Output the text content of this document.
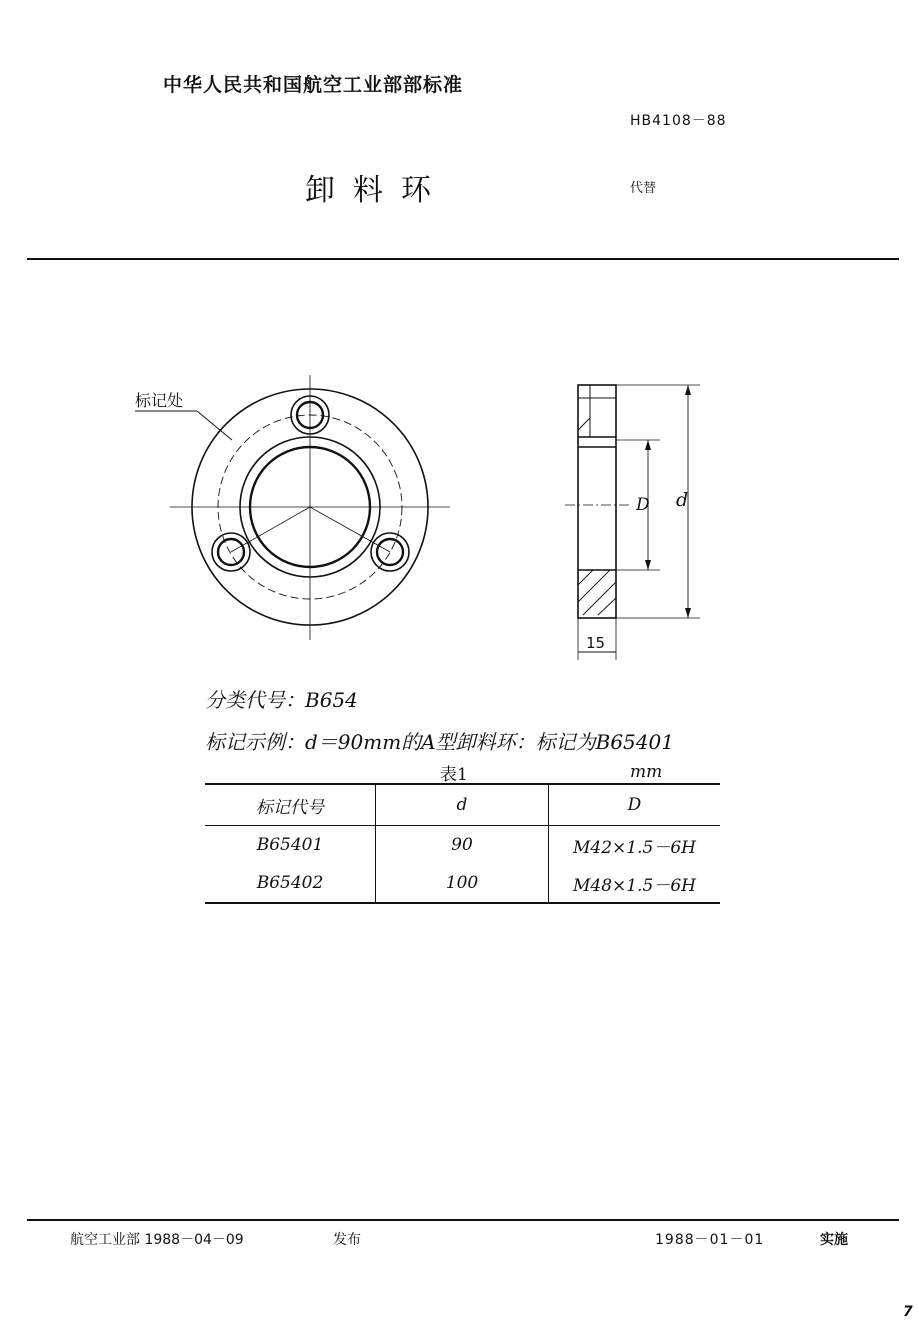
中华人民共和国航空工业部部标准
HB4108－88
卸料环	代替
标记处
D d
15
分类代号：B654
标记示例：d＝90mm的A型卸料环：标记为B65401
表1	mm
标记代号	d	D
B65401	90	M42×1.5－6H
B65402	100	M48×1.5－6H
航空工业部 1988－04－09	发布	1988－01－01	实施
7
